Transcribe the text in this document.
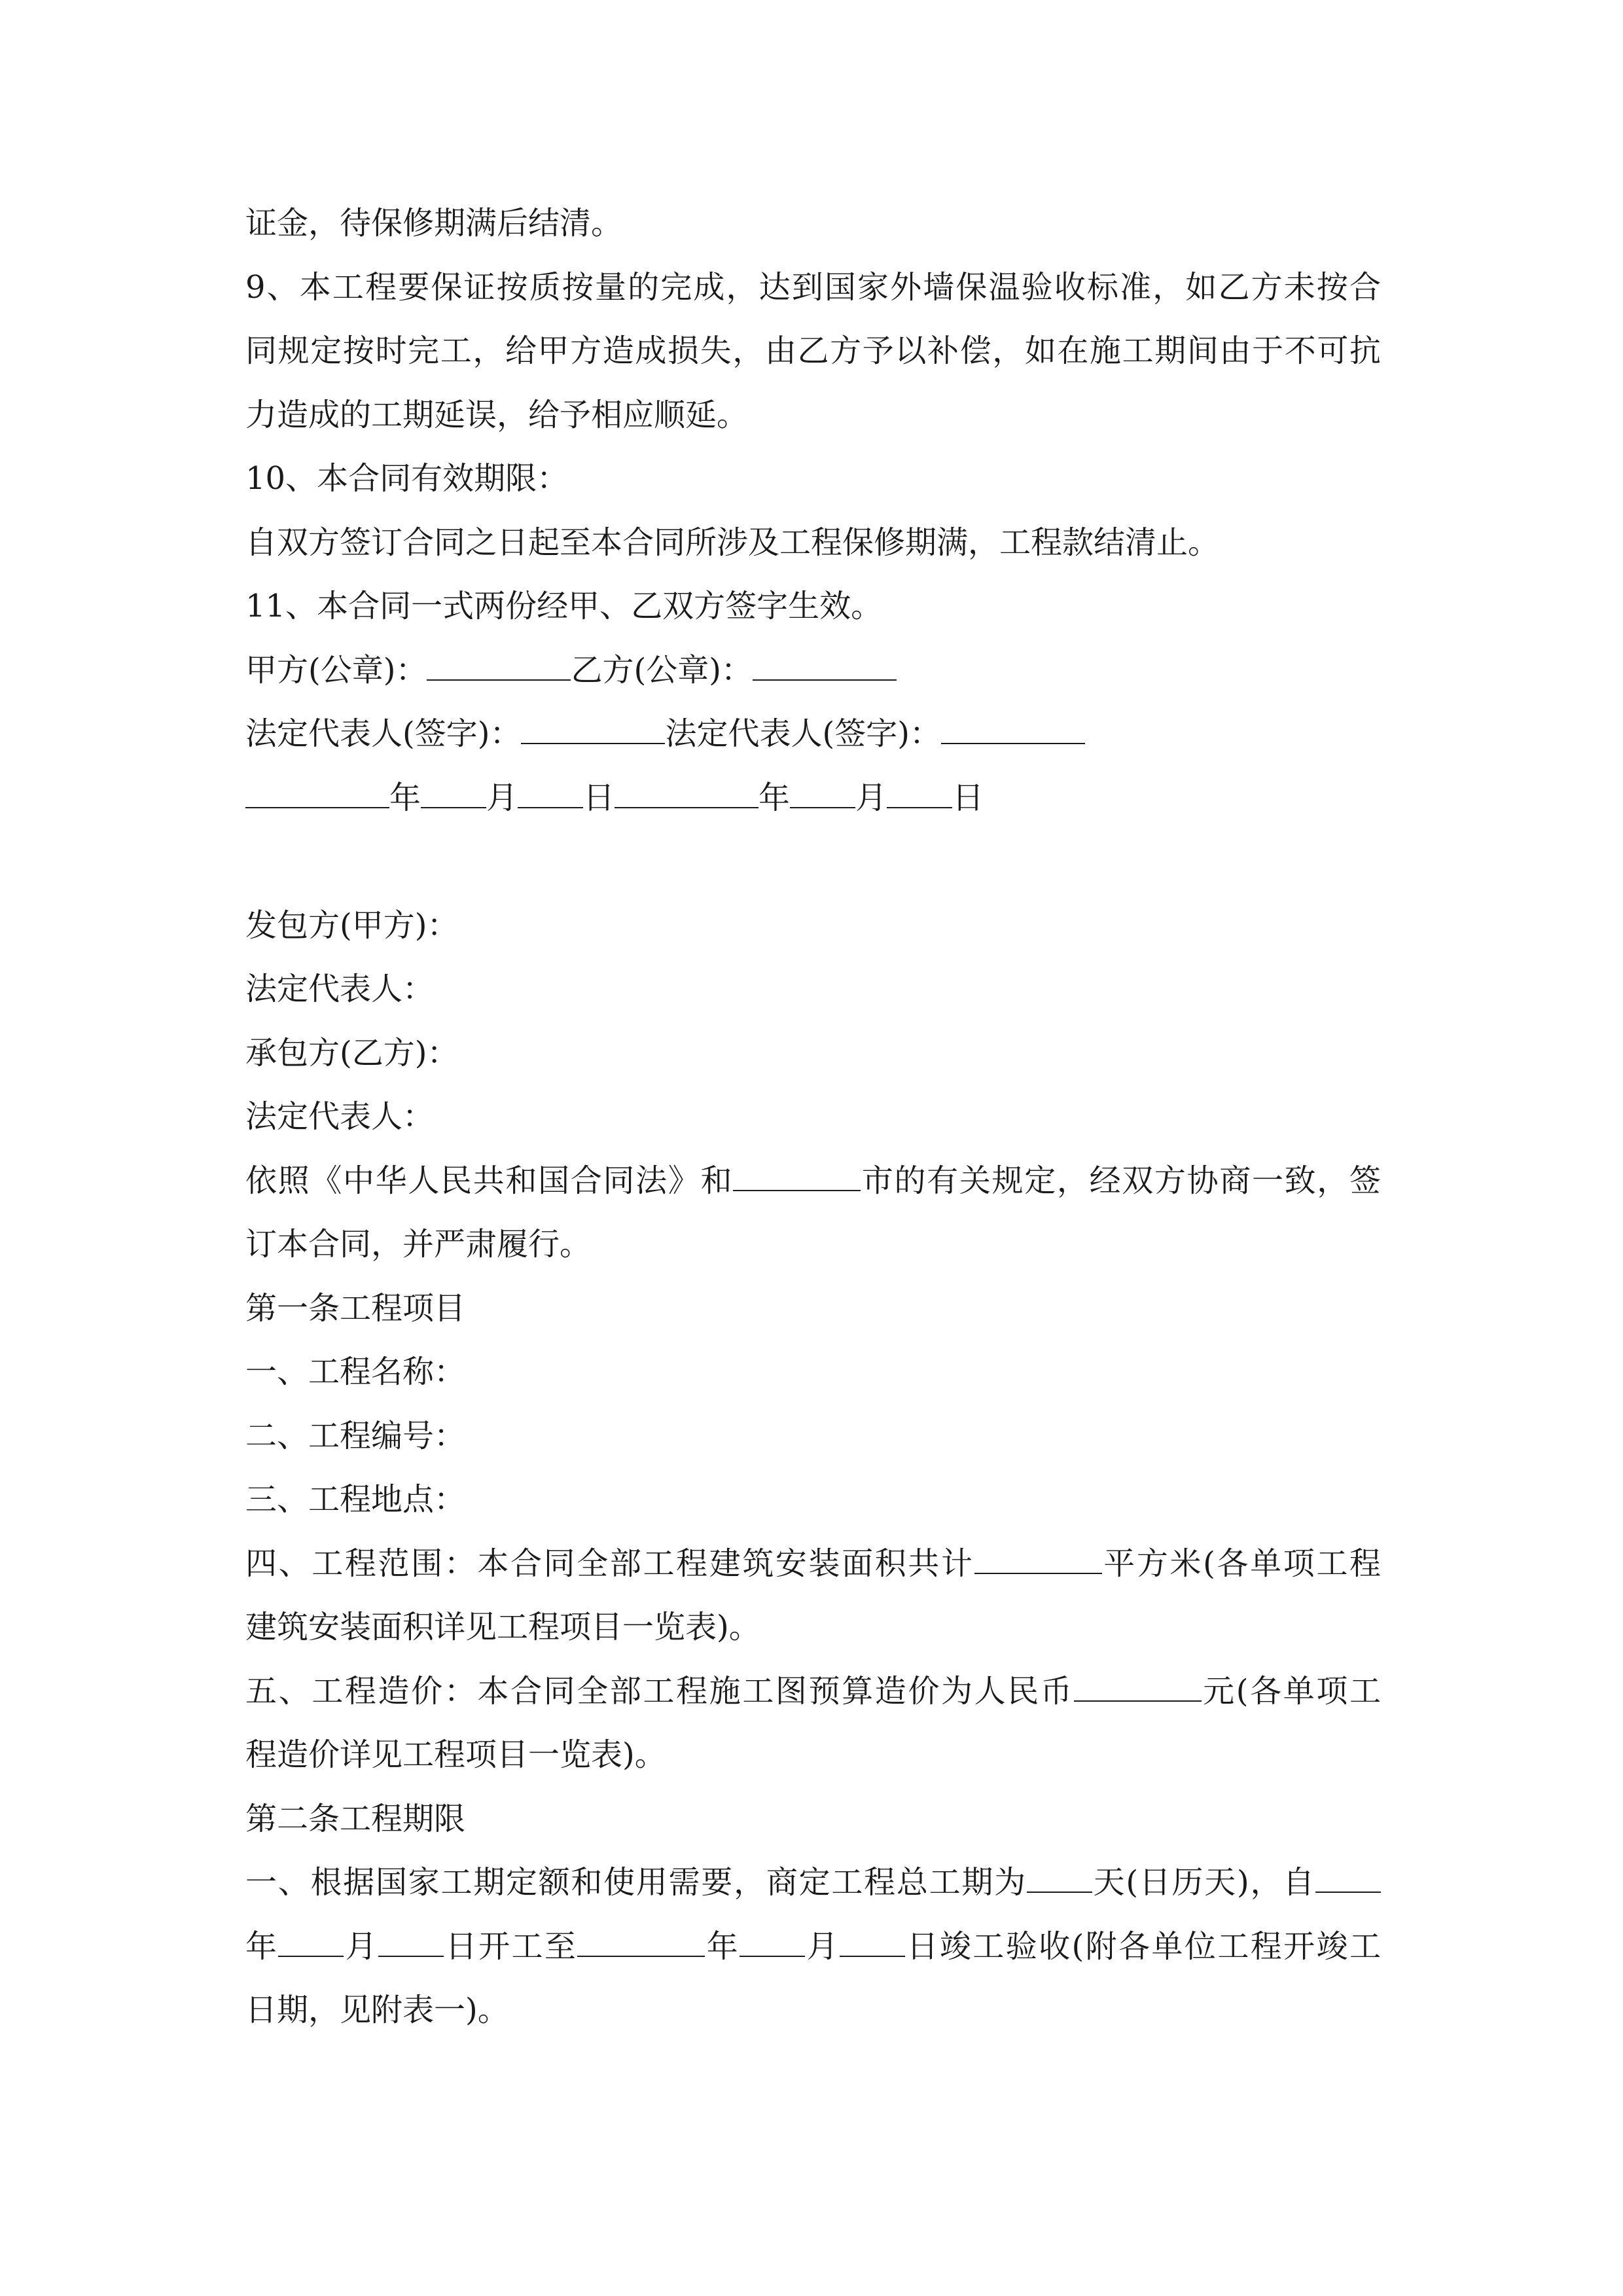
证金，待保修期满后结清。
9、本工程要保证按质按量的完成，达到国家外墙保温验收标准，如乙方未按合
同规定按时完工，给甲方造成损失，由乙方予以补偿，如在施工期间由于不可抗
力造成的工期延误，给予相应顺延。
10、本合同有效期限：
自双方签订合同之日起至本合同所涉及工程保修期满，工程款结清止。
11、本合同一式两份经甲、乙双方签字生效。
甲方(公章)：	乙方(公章)：
法定代表人(签字)：	法定代表人(签字)：
年 月 日	年 月 日
发包方(甲方)：
法定代表人：
承包方(乙方)：
法定代表人：
依照《中华人民共和国合同法》和	市的有关规定，经双方协商一致，签
订本合同，并严肃履行。
第一条工程项目
一、工程名称：
二、工程编号：
三、工程地点：
四、工程范围：本合同全部工程建筑安装面积共计	平方米(各单项工程
建筑安装面积详见工程项目一览表)。
五、工程造价：本合同全部工程施工图预算造价为人民币	元(各单项工
程造价详见工程项目一览表)。
第二条工程期限
一、根据国家工期定额和使用需要，商定工程总工期为 天(日历天)，自
年 月 日开工至	年 月 日竣工验收(附各单位工程开竣工
日期，见附表一)。
